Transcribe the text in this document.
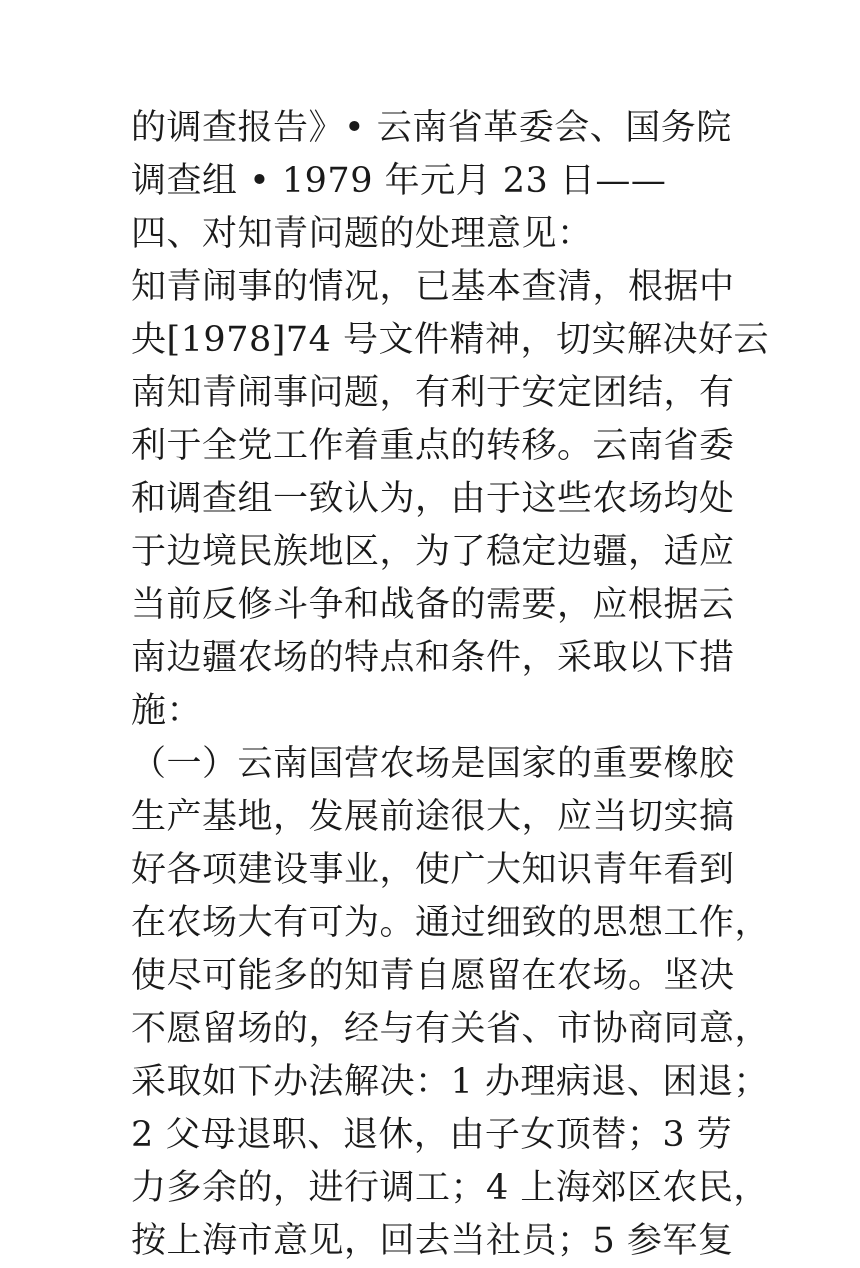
的调查报告》• 云南省革委会、国务院
调查组 • 1979 年元月 23 日——
四、对知青问题的处理意见：
知青闹事的情况，已基本查清，根据中
央[1978]74 号文件精神，切实解决好云
南知青闹事问题，有利于安定团结，有
利于全党工作着重点的转移。云南省委
和调查组一致认为，由于这些农场均处
于边境民族地区，为了稳定边疆，适应
当前反修斗争和战备的需要，应根据云
南边疆农场的特点和条件，采取以下措
施：
（一）云南国营农场是国家的重要橡胶
生产基地，发展前途很大，应当切实搞
好各项建设事业，使广大知识青年看到
在农场大有可为。通过细致的思想工作，
使尽可能多的知青自愿留在农场。坚决
不愿留场的，经与有关省、市协商同意，
采取如下办法解决：1 办理病退、困退；
2 父母退职、退休，由子女顶替；3 劳
力多余的，进行调工；4 上海郊区农民，
按上海市意见，回去当社员；5 参军复
